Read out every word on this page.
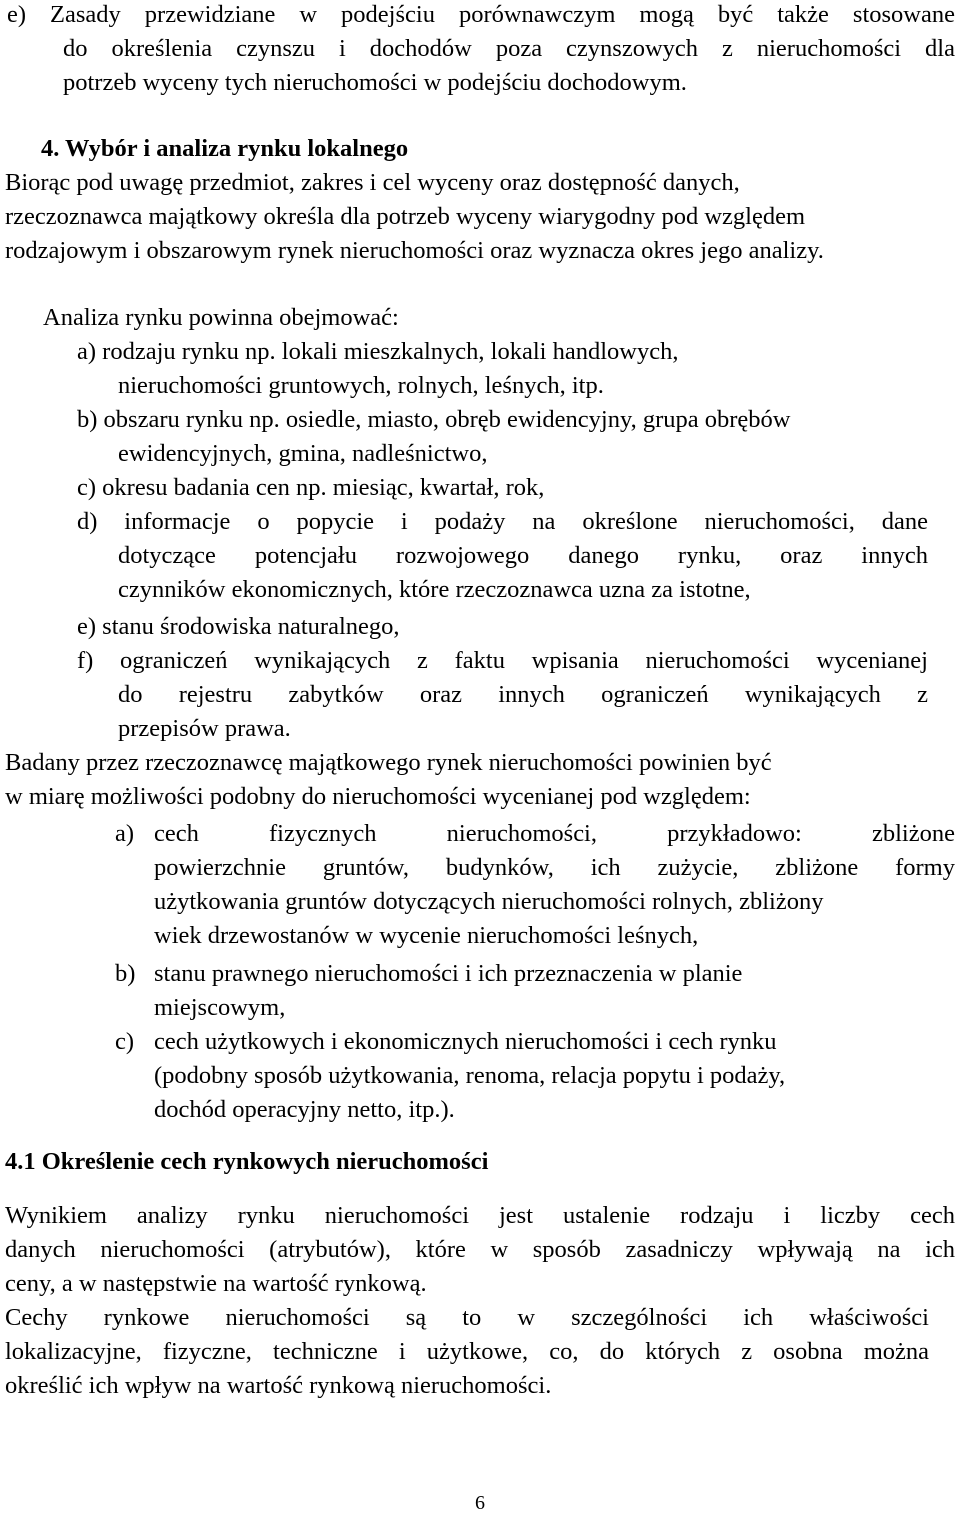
e) Zasady przewidziane w podejściu porównawczym mogą być także stosowane
do określenia czynszu i dochodów poza czynszowych z nieruchomości dla
potrzeb wyceny tych nieruchomości w podejściu dochodowym.
4. Wybór i analiza rynku lokalnego
Biorąc pod uwagę przedmiot, zakres i cel wyceny oraz dostępność danych,
rzeczoznawca majątkowy określa dla potrzeb wyceny wiarygodny pod względem
rodzajowym i obszarowym rynek nieruchomości oraz wyznacza okres jego analizy.
Analiza rynku powinna obejmować:
a) rodzaju rynku np. lokali mieszkalnych, lokali handlowych,
nieruchomości gruntowych, rolnych, leśnych, itp.
b) obszaru rynku np. osiedle, miasto, obręb ewidencyjny, grupa obrębów
ewidencyjnych, gmina, nadleśnictwo,
c) okresu badania cen np. miesiąc, kwartał, rok,
d) informacje o popycie i podaży na określone nieruchomości, dane
dotyczące potencjału rozwojowego danego rynku, oraz innych
czynników ekonomicznych, które rzeczoznawca uzna za istotne,
e) stanu środowiska naturalnego,
f) ograniczeń wynikających z faktu wpisania nieruchomości wycenianej
do rejestru zabytków oraz innych ograniczeń wynikających z
przepisów prawa.
Badany przez rzeczoznawcę majątkowego rynek nieruchomości powinien być
w miarę możliwości podobny do nieruchomości wycenianej pod względem:
a) cech fizycznych nieruchomości, przykładowo: zbliżone
powierzchnie gruntów, budynków, ich zużycie, zbliżone formy
użytkowania gruntów dotyczących nieruchomości rolnych, zbliżony
wiek drzewostanów w wycenie nieruchomości leśnych,
b) stanu prawnego nieruchomości i ich przeznaczenia w planie
miejscowym,
c) cech użytkowych i ekonomicznych nieruchomości i cech rynku
(podobny sposób użytkowania, renoma, relacja popytu i podaży,
dochód operacyjny netto, itp.).
4.1 Określenie cech rynkowych nieruchomości
Wynikiem analizy rynku nieruchomości jest ustalenie rodzaju i liczby cech
danych nieruchomości (atrybutów), które w sposób zasadniczy wpływają na ich
ceny, a w następstwie na wartość rynkową.
Cechy rynkowe nieruchomości są to w szczególności ich właściwości
lokalizacyjne, fizyczne, techniczne i użytkowe, co, do których z osobna można
określić ich wpływ na wartość rynkową nieruchomości.
6
